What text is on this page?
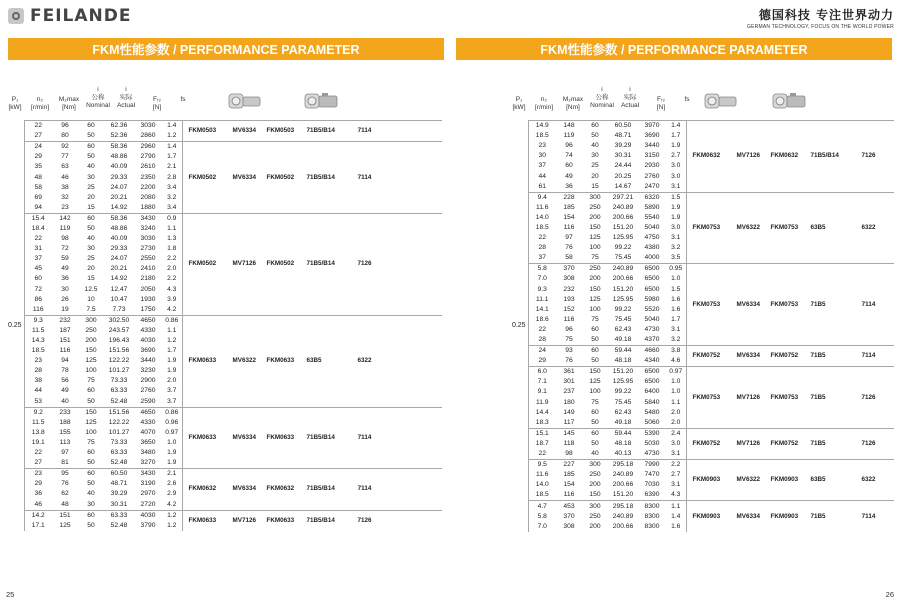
FEILANDE
FKM性能参数 / PERFORMANCE PARAMETER
P₁
[kW]
n₂
[r/min]
M₂max
[Nm]
i
公称
Nominal
i
实际
Actual
Fᵣ₂
[N]
fs
0.25	22	96	60	62.36	3030	1.4	FKM0503 MV6334 FKM0503 71B5/B14 7114
	27	80	50	52.36	2860	1.2	
	24	92	60	58.36	2960	1.4	FKM0502 MV6334 FKM0502 71B5/B14 7114
	29	77	50	48.86	2790	1.7	
	35	63	40	40.09	2610	2.1	
	48	46	30	29.33	2350	2.8	
	58	38	25	24.07	2200	3.4	
	69	32	20	20.21	2080	3.2	
	94	23	15	14.92	1880	3.4	
	15.4	142	60	58.36	3430	0.9	FKM0502 MV7126 FKM0502 71B5/B14 7126
	18.4	119	50	48.86	3240	1.1	
	22	98	40	40.09	3030	1.3	
	31	72	30	29.33	2730	1.8	
	37	59	25	24.07	2550	2.2	
	45	49	20	20.21	2410	2.0	
	60	36	15	14.92	2180	2.2	
	72	30	12.5	12.47	2050	4.3	
	86	26	10	10.47	1930	3.9	
	116	19	7.5	7.73	1750	4.2	
	9.3	232	300	302.50	4650	0.86	FKM0633 MV6322 FKM0633 63B5 6322
	11.5	187	250	243.57	4330	1.1	
	14.3	151	200	196.43	4030	1.2	
	18.5	116	150	151.56	3690	1.7	
	23	94	125	122.22	3440	1.9	
	28	78	100	101.27	3230	1.9	
	38	56	75	73.33	2900	2.0	
	44	49	60	63.33	2760	3.7	
	53	40	50	52.48	2590	3.7	
	9.2	233	150	151.56	4650	0.86	FKM0633 MV6334 FKM0633 71B5/B14 7114
	11.5	188	125	122.22	4330	0.96	
	13.8	155	100	101.27	4070	0.97	
	19.1	113	75	73.33	3650	1.0	
	22	97	60	63.33	3480	1.9	
	27	81	50	52.48	3270	1.9	
	23	95	60	60.50	3430	2.1	FKM0632 MV6334 FKM0632 71B5/B14 7114
	29	76	50	48.71	3190	2.6	
	36	62	40	39.29	2970	2.9	
	46	48	30	30.31	2720	4.2	
	14.2	151	60	63.33	4030	1.2	FKM0633 MV7126 FKM0633 71B5/B14 7126
	17.1	125	50	52.48	3790	1.2	
25
德国科技 专注世界动力
GERMAN TECHNOLOGY, FOCUS ON THE WORLD POWER
FKM性能参数 / PERFORMANCE PARAMETER
P₁
[kW]
n₂
[r/min]
M₂max
[Nm]
i
公称
Nominal
i
实际
Actual
Fᵣ₂
[N]
fs
0.25	14.9	148	60	60.50	3970	1.4	FKM0632 MV7126 FKM0632 71B5/B14 7126
	18.5	119	50	48.71	3690	1.7	
	23	96	40	39.29	3440	1.9	
	30	74	30	30.31	3150	2.7	
	37	60	25	24.44	2930	3.0	
	44	49	20	20.25	2760	3.0	
	61	36	15	14.67	2470	3.1	
	9.4	228	300	297.21	6320	1.5	FKM0753 MV6322 FKM0753 63B5 6322
	11.6	185	250	240.89	5890	1.9	
	14.0	154	200	200.66	5540	1.9	
	18.5	116	150	151.20	5040	3.0	
	22	97	125	125.95	4750	3.1	
	28	76	100	99.22	4380	3.2	
	37	58	75	75.45	4000	3.5	
	5.8	370	250	240.89	6500	0.95	FKM0753 MV6334 FKM0753 71B5 7114
	7.0	308	200	200.66	6500	1.0	
	9.3	232	150	151.20	6500	1.5	
	11.1	193	125	125.95	5980	1.6	
	14.1	152	100	99.22	5520	1.6	
	18.6	116	75	75.45	5040	1.7	
	22	96	60	62.43	4730	3.1	
	28	75	50	49.18	4370	3.2	
	24	93	60	59.44	4660	3.8	FKM0752 MV6334 FKM0752 71B5 7114
	29	76	50	48.18	4340	4.6	
	6.0	361	150	151.20	6500	0.97	FKM0753 MV7126 FKM0753 71B5 7126
	7.1	301	125	125.95	6500	1.0	
	9.1	237	100	99.22	6400	1.0	
	11.9	180	75	75.45	5840	1.1	
	14.4	149	60	62.43	5480	2.0	
	18.3	117	50	49.18	5060	2.0	
	15.1	145	60	59.44	5390	2.4	FKM0752 MV7126 FKM0752 71B5 7126
	18.7	118	50	48.18	5030	3.0	
	22	98	40	40.13	4730	3.1	
	9.5	227	300	295.18	7990	2.2	FKM0903 MV6322 FKM0903 63B5 6322
	11.6	185	250	240.89	7470	2.7	
	14.0	154	200	200.66	7030	3.1	
	18.5	116	150	151.20	6390	4.3	
	4.7	453	300	295.18	8300	1.1	FKM0903 MV6334 FKM0903 71B5 7114
	5.8	370	250	240.89	8300	1.4	
	7.0	308	200	200.66	8300	1.6	
26
